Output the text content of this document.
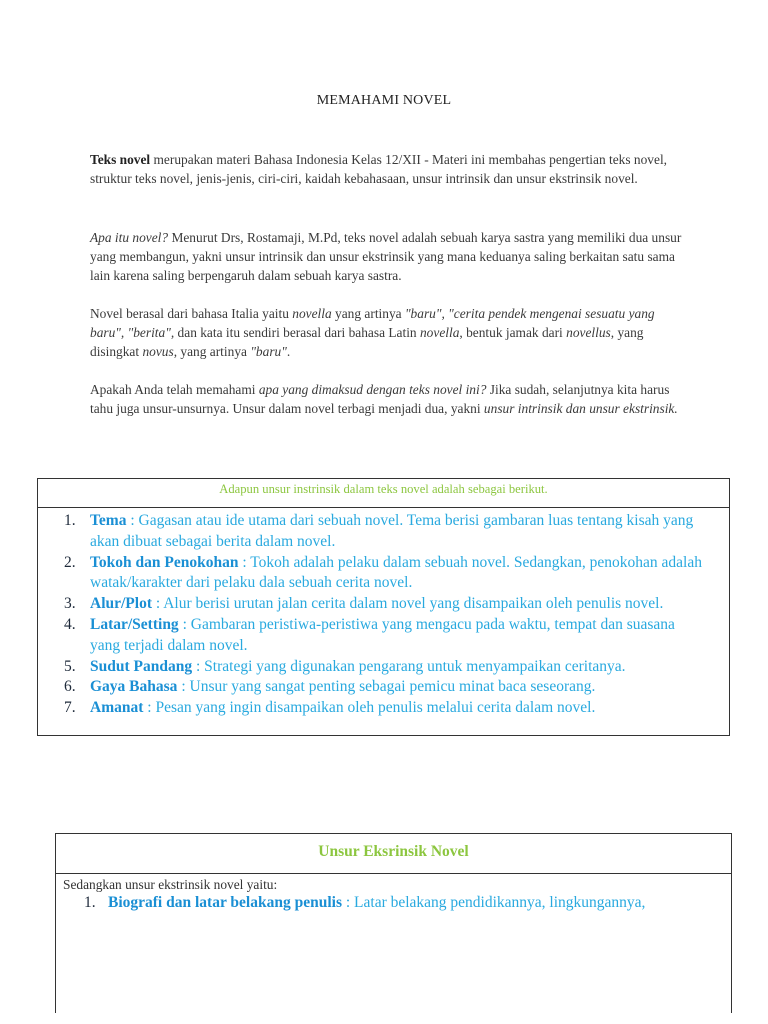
MEMAHAMI NOVEL
Teks novel merupakan materi Bahasa Indonesia Kelas 12/XII - Materi ini membahas pengertian teks novel, struktur teks novel, jenis-jenis, ciri-ciri, kaidah kebahasaan, unsur intrinsik dan unsur ekstrinsik novel.
Apa itu novel? Menurut Drs, Rostamaji, M.Pd, teks novel adalah sebuah karya sastra yang memiliki dua unsur yang membangun, yakni unsur intrinsik dan unsur ekstrinsik yang mana keduanya saling berkaitan satu sama lain karena saling berpengaruh dalam sebuah karya sastra.
Novel berasal dari bahasa Italia yaitu novella yang artinya "baru", "cerita pendek mengenai sesuatu yang baru", "berita", dan kata itu sendiri berasal dari bahasa Latin novella, bentuk jamak dari novellus, yang disingkat novus, yang artinya "baru".
Apakah Anda telah memahami apa yang dimaksud dengan teks novel ini? Jika sudah, selanjutnya kita harus tahu juga unsur-unsurnya. Unsur dalam novel terbagi menjadi dua, yakni unsur intrinsik dan unsur ekstrinsik.
Adapun unsur instrinsik dalam teks novel adalah sebagai berikut.
1. Tema : Gagasan atau ide utama dari sebuah novel. Tema berisi gambaran luas tentang kisah yang akan dibuat sebagai berita dalam novel.
2. Tokoh dan Penokohan : Tokoh adalah pelaku dalam sebuah novel. Sedangkan, penokohan adalah watak/karakter dari pelaku dala sebuah cerita novel.
3. Alur/Plot : Alur berisi urutan jalan cerita dalam novel yang disampaikan oleh penulis novel.
4. Latar/Setting : Gambaran peristiwa-peristiwa yang mengacu pada waktu, tempat dan suasana yang terjadi dalam novel.
5. Sudut Pandang : Strategi yang digunakan pengarang untuk menyampaikan ceritanya.
6. Gaya Bahasa : Unsur yang sangat penting sebagai pemicu minat baca seseorang.
7. Amanat : Pesan yang ingin disampaikan oleh penulis melalui cerita dalam novel.
Unsur Eksrinsik Novel
Sedangkan unsur ekstrinsik novel yaitu:
1. Biografi dan latar belakang penulis : Latar belakang pendidikannya, lingkungannya,
